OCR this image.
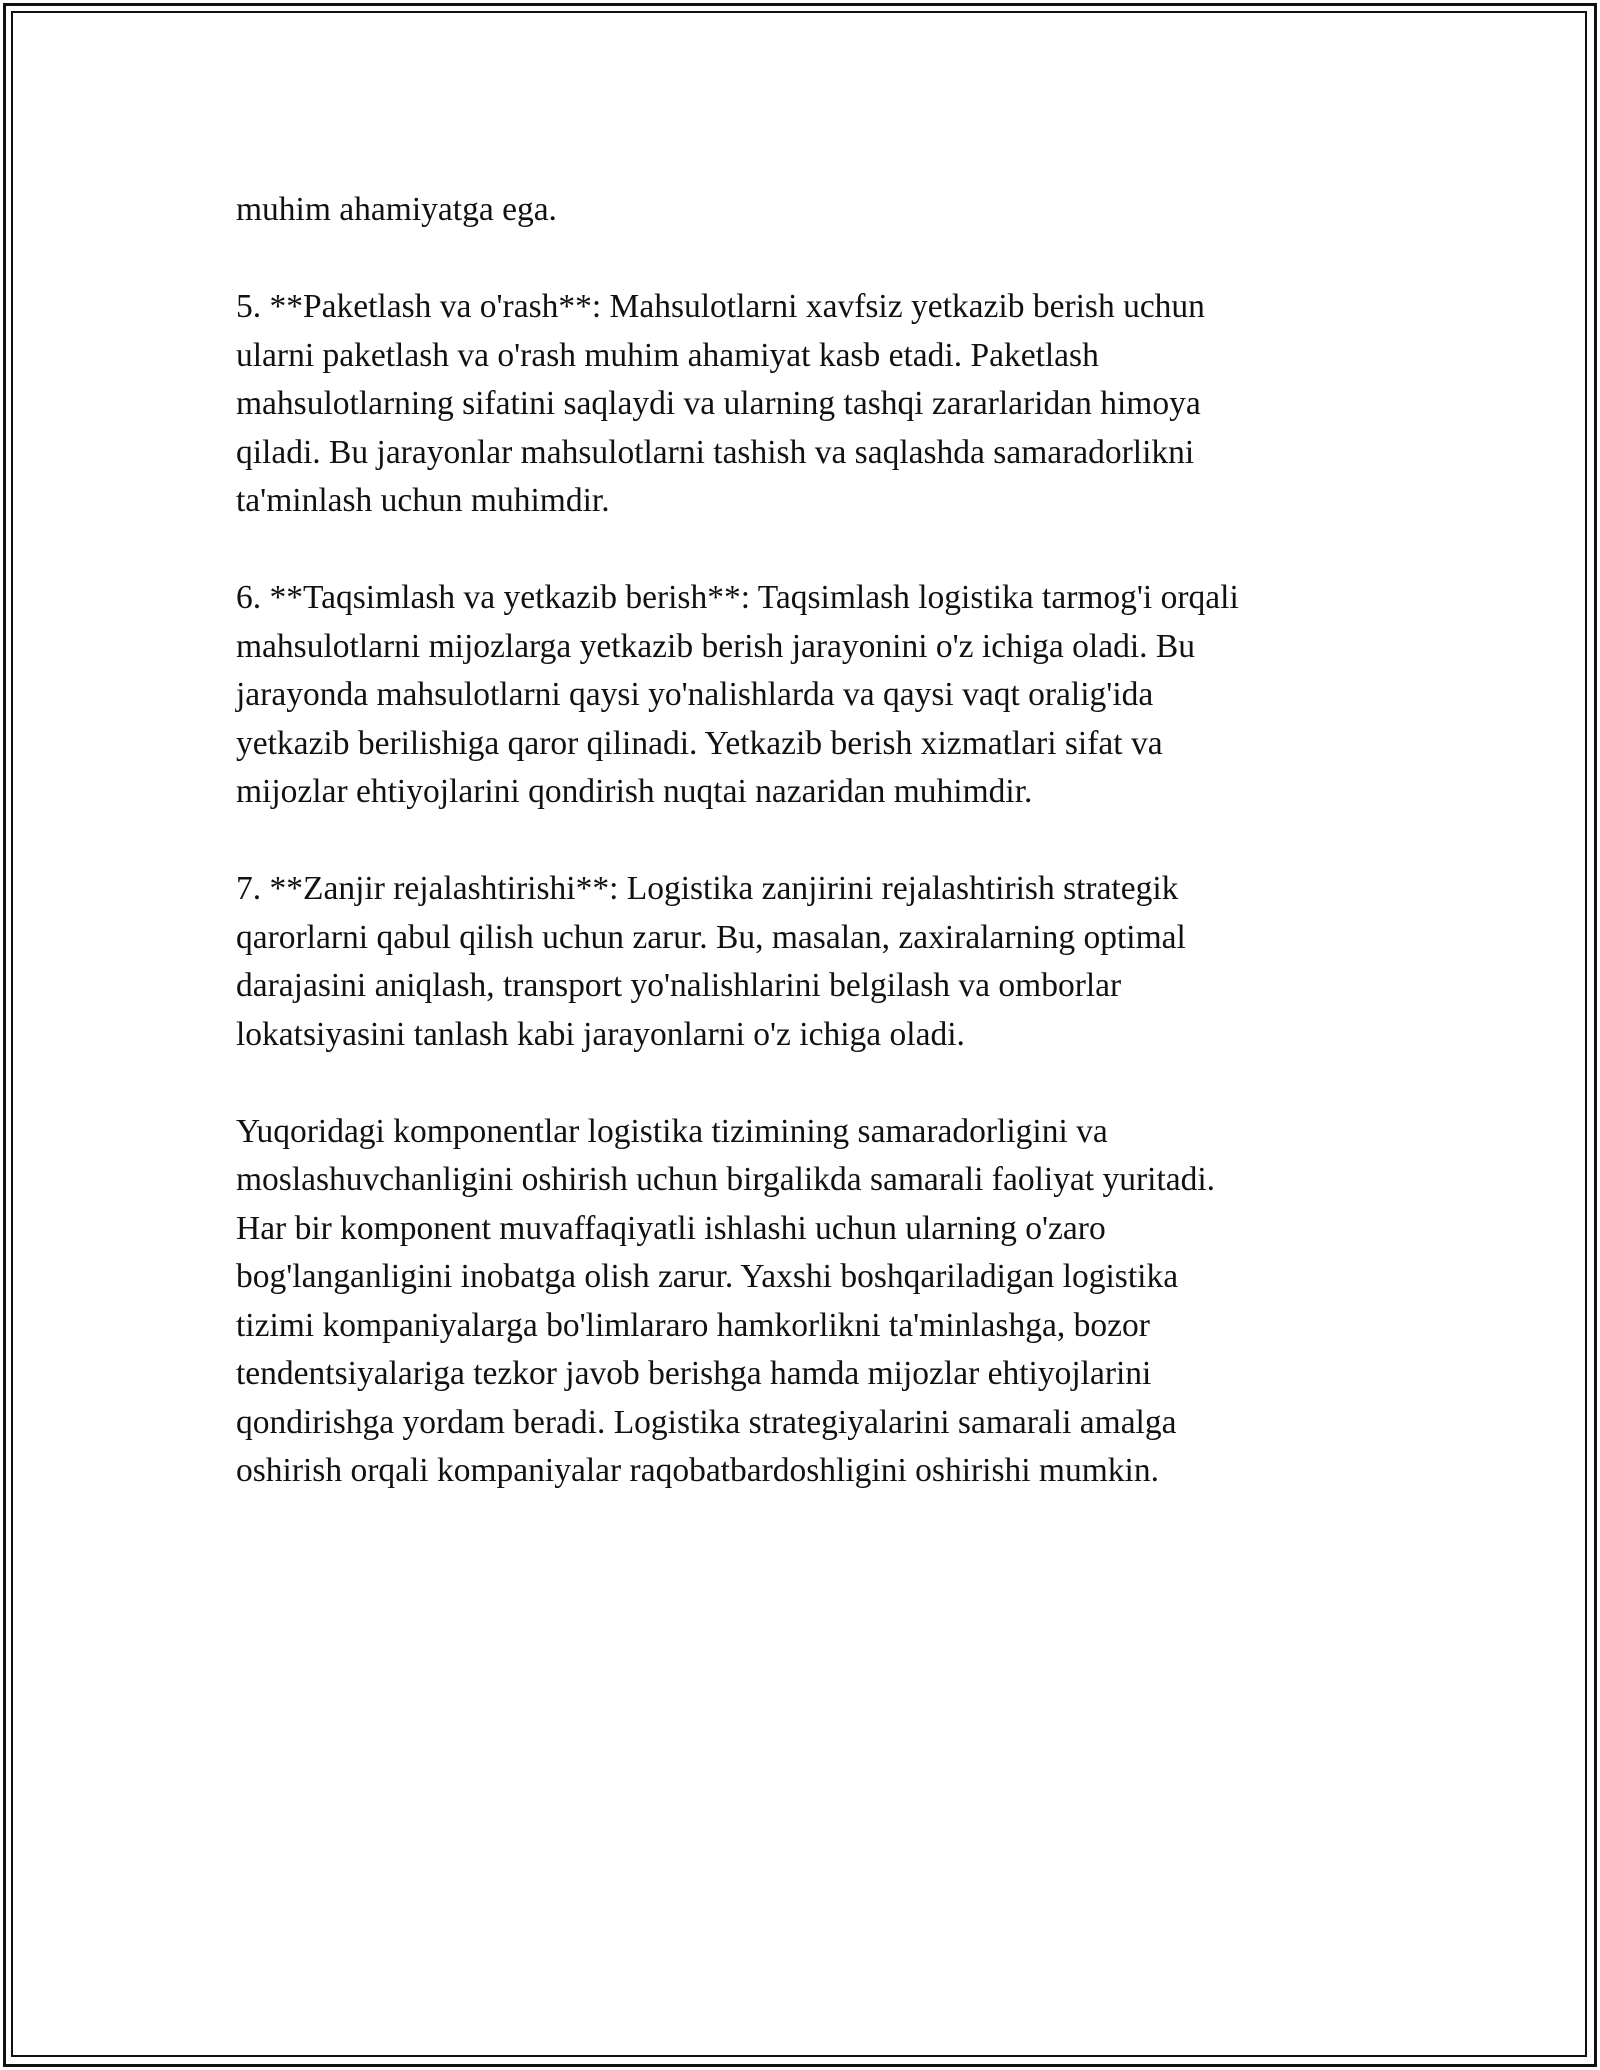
muhim ahamiyatga ega.

5. **Paketlash va o'rash**: Mahsulotlarni xavfsiz yetkazib berish uchun
ularni paketlash va o'rash muhim ahamiyat kasb etadi. Paketlash
mahsulotlarning sifatini saqlaydi va ularning tashqi zararlaridan himoya
qiladi. Bu jarayonlar mahsulotlarni tashish va saqlashda samaradorlikni
ta'minlash uchun muhimdir.

6. **Taqsimlash va yetkazib berish**: Taqsimlash logistika tarmog'i orqali
mahsulotlarni mijozlarga yetkazib berish jarayonini o'z ichiga oladi. Bu
jarayonda mahsulotlarni qaysi yo'nalishlarda va qaysi vaqt oralig'ida
yetkazib berilishiga qaror qilinadi. Yetkazib berish xizmatlari sifat va
mijozlar ehtiyojlarini qondirish nuqtai nazaridan muhimdir.

7. **Zanjir rejalashtirishi**: Logistika zanjirini rejalashtirish strategik
qarorlarni qabul qilish uchun zarur. Bu, masalan, zaxiralarning optimal
darajasini aniqlash, transport yo'nalishlarini belgilash va omborlar
lokatsiyasini tanlash kabi jarayonlarni o'z ichiga oladi.

Yuqoridagi komponentlar logistika tizimining samaradorligini va
moslashuvchanligini oshirish uchun birgalikda samarali faoliyat yuritadi.
Har bir komponent muvaffaqiyatli ishlashi uchun ularning o'zaro
bog'langanligini inobatga olish zarur. Yaxshi boshqariladigan logistika
tizimi kompaniyalarga bo'limlararo hamkorlikni ta'minlashga, bozor
tendentsiyalariga tezkor javob berishga hamda mijozlar ehtiyojlarini
qondirishga yordam beradi. Logistika strategiyalarini samarali amalga
oshirish orqali kompaniyalar raqobatbardoshligini oshirishi mumkin.
